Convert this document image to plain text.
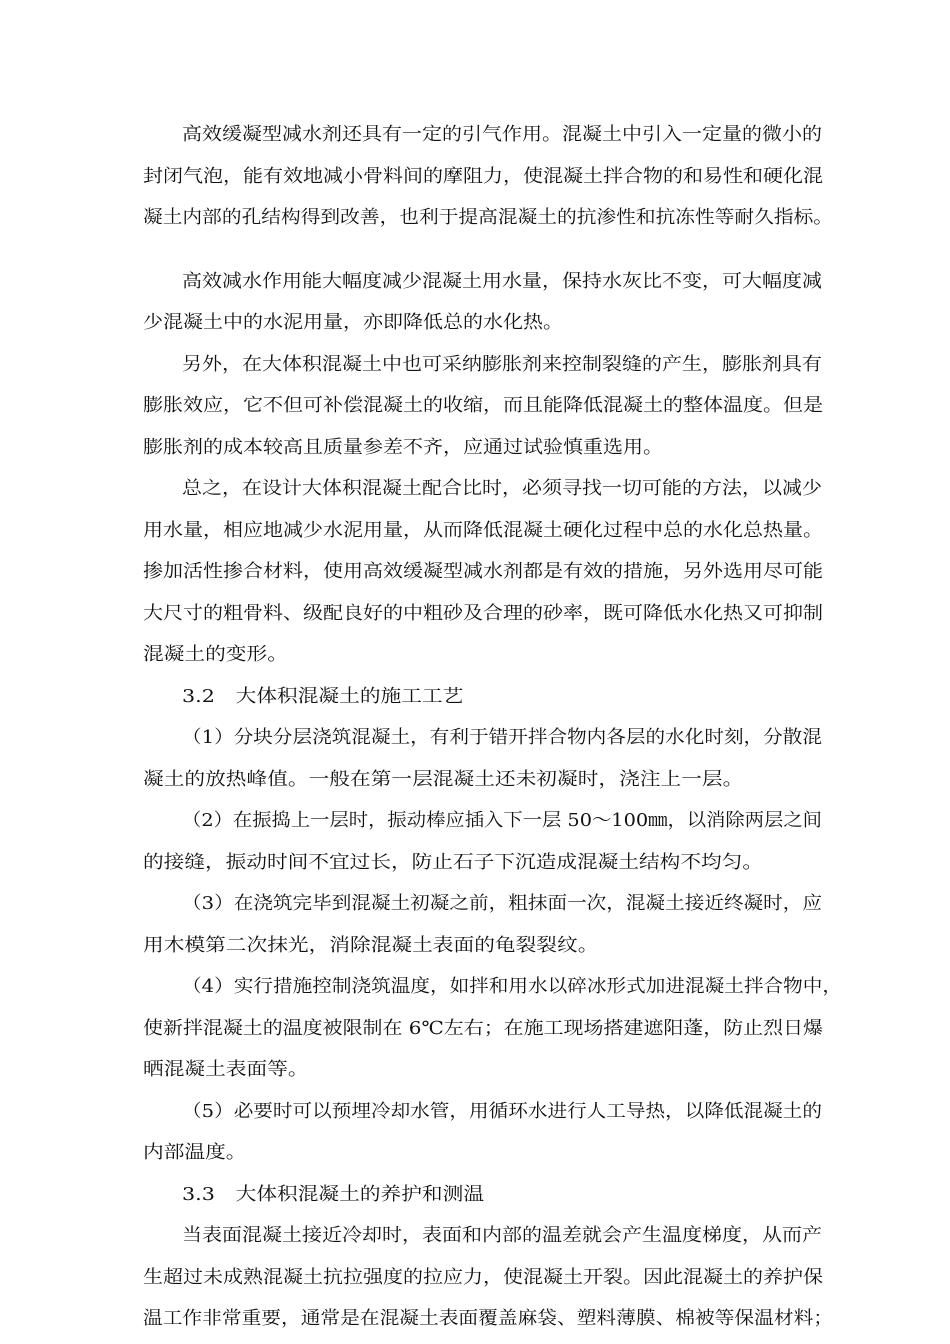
高效缓凝型减水剂还具有一定的引气作用。混凝土中引入一定量的微小的
封闭气泡，能有效地减小骨料间的摩阻力，使混凝土拌合物的和易性和硬化混
凝土内部的孔结构得到改善，也利于提高混凝土的抗渗性和抗冻性等耐久指标。
高效减水作用能大幅度减少混凝土用水量，保持水灰比不变，可大幅度减
少混凝土中的水泥用量，亦即降低总的水化热。
另外，在大体积混凝土中也可采纳膨胀剂来控制裂缝的产生，膨胀剂具有
膨胀效应，它不但可补偿混凝土的收缩，而且能降低混凝土的整体温度。但是
膨胀剂的成本较高且质量参差不齐，应通过试验慎重选用。
总之，在设计大体积混凝土配合比时，必须寻找一切可能的方法，以减少
用水量，相应地减少水泥用量，从而降低混凝土硬化过程中总的水化总热量。
掺加活性掺合材料，使用高效缓凝型减水剂都是有效的措施，另外选用尽可能
大尺寸的粗骨料、级配良好的中粗砂及合理的砂率，既可降低水化热又可抑制
混凝土的变形。
3.2　大体积混凝土的施工工艺
（1）分块分层浇筑混凝土，有利于错开拌合物内各层的水化时刻，分散混
凝土的放热峰值。一般在第一层混凝土还未初凝时，浇注上一层。
（2）在振捣上一层时，振动棒应插入下一层 50～100㎜，以消除两层之间
的接缝，振动时间不宜过长，防止石子下沉造成混凝土结构不均匀。
（3）在浇筑完毕到混凝土初凝之前，粗抹面一次，混凝土接近终凝时，应
用木模第二次抹光，消除混凝土表面的龟裂裂纹。
（4）实行措施控制浇筑温度，如拌和用水以碎冰形式加进混凝土拌合物中，
使新拌混凝土的温度被限制在 6℃左右；在施工现场搭建遮阳蓬，防止烈日爆
晒混凝土表面等。
（5）必要时可以预埋冷却水管，用循环水进行人工导热，以降低混凝土的
内部温度。
3.3　大体积混凝土的养护和测温
当表面混凝土接近冷却时，表面和内部的温差就会产生温度梯度，从而产
生超过未成熟混凝土抗拉强度的拉应力，使混凝土开裂。因此混凝土的养护保
温工作非常重要，通常是在混凝土表面覆盖麻袋、塑料薄膜、棉被等保温材料；
